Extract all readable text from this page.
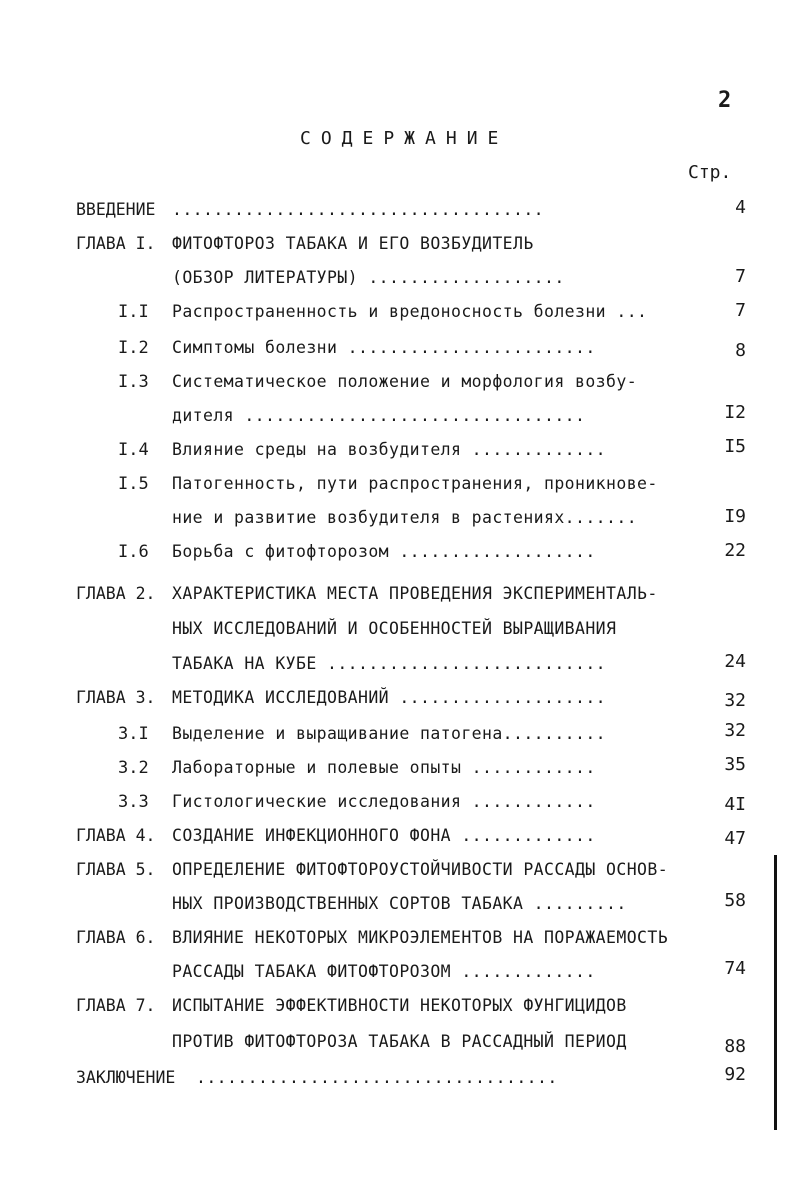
2
СОДЕРЖАНИЕ
Стр.
ВВЕДЕНИЕ ....................................	4
ГЛАВА I. ФИТОФТОРОЗ ТАБАКА И ЕГО ВОЗБУДИТЕЛЬ
(ОБЗОР ЛИТЕРАТУРЫ) ...................	7
I.I Распространенность и вредоносность болезни ...	7
I.2 Симптомы болезни ........................	8
I.3 Систематическое положение и морфология возбу-
дителя .................................	I2
I.4 Влияние среды на возбудителя .............	I5
I.5 Патогенность, пути распространения, проникнове-
ние и развитие возбудителя в растениях.......	I9
I.6 Борьба с фитофторозом ...................	22
ГЛАВА 2. ХАРАКТЕРИСТИКА МЕСТА ПРОВЕДЕНИЯ ЭКСПЕРИМЕНТАЛЬ-
НЫХ ИССЛЕДОВАНИЙ И ОСОБЕННОСТЕЙ ВЫРАЩИВАНИЯ
ТАБАКА НА КУБЕ ...........................	24
ГЛАВА 3. МЕТОДИКА ИССЛЕДОВАНИЙ ....................	32
3.I Выделение и выращивание патогена..........	32
3.2 Лабораторные и полевые опыты ............	35
3.3 Гистологические исследования ............	4I
ГЛАВА 4. СОЗДАНИЕ ИНФЕКЦИОННОГО ФОНА .............	47
ГЛАВА 5. ОПРЕДЕЛЕНИЕ ФИТОФТОРОУСТОЙЧИВОСТИ РАССАДЫ ОСНОВ-
НЫХ ПРОИЗВОДСТВЕННЫХ СОРТОВ ТАБАКА .........	58
ГЛАВА 6. ВЛИЯНИЕ НЕКОТОРЫХ МИКРОЭЛЕМЕНТОВ НА ПОРАЖАЕМОСТЬ
РАССАДЫ ТАБАКА ФИТОФТОРОЗОМ .............	74
ГЛАВА 7. ИСПЫТАНИЕ ЭФФЕКТИВНОСТИ НЕКОТОРЫХ ФУНГИЦИДОВ
ПРОТИВ ФИТОФТОРОЗА ТАБАКА В РАССАДНЫЙ ПЕРИОД	88
ЗАКЛЮЧЕНИЕ ...................................	92
